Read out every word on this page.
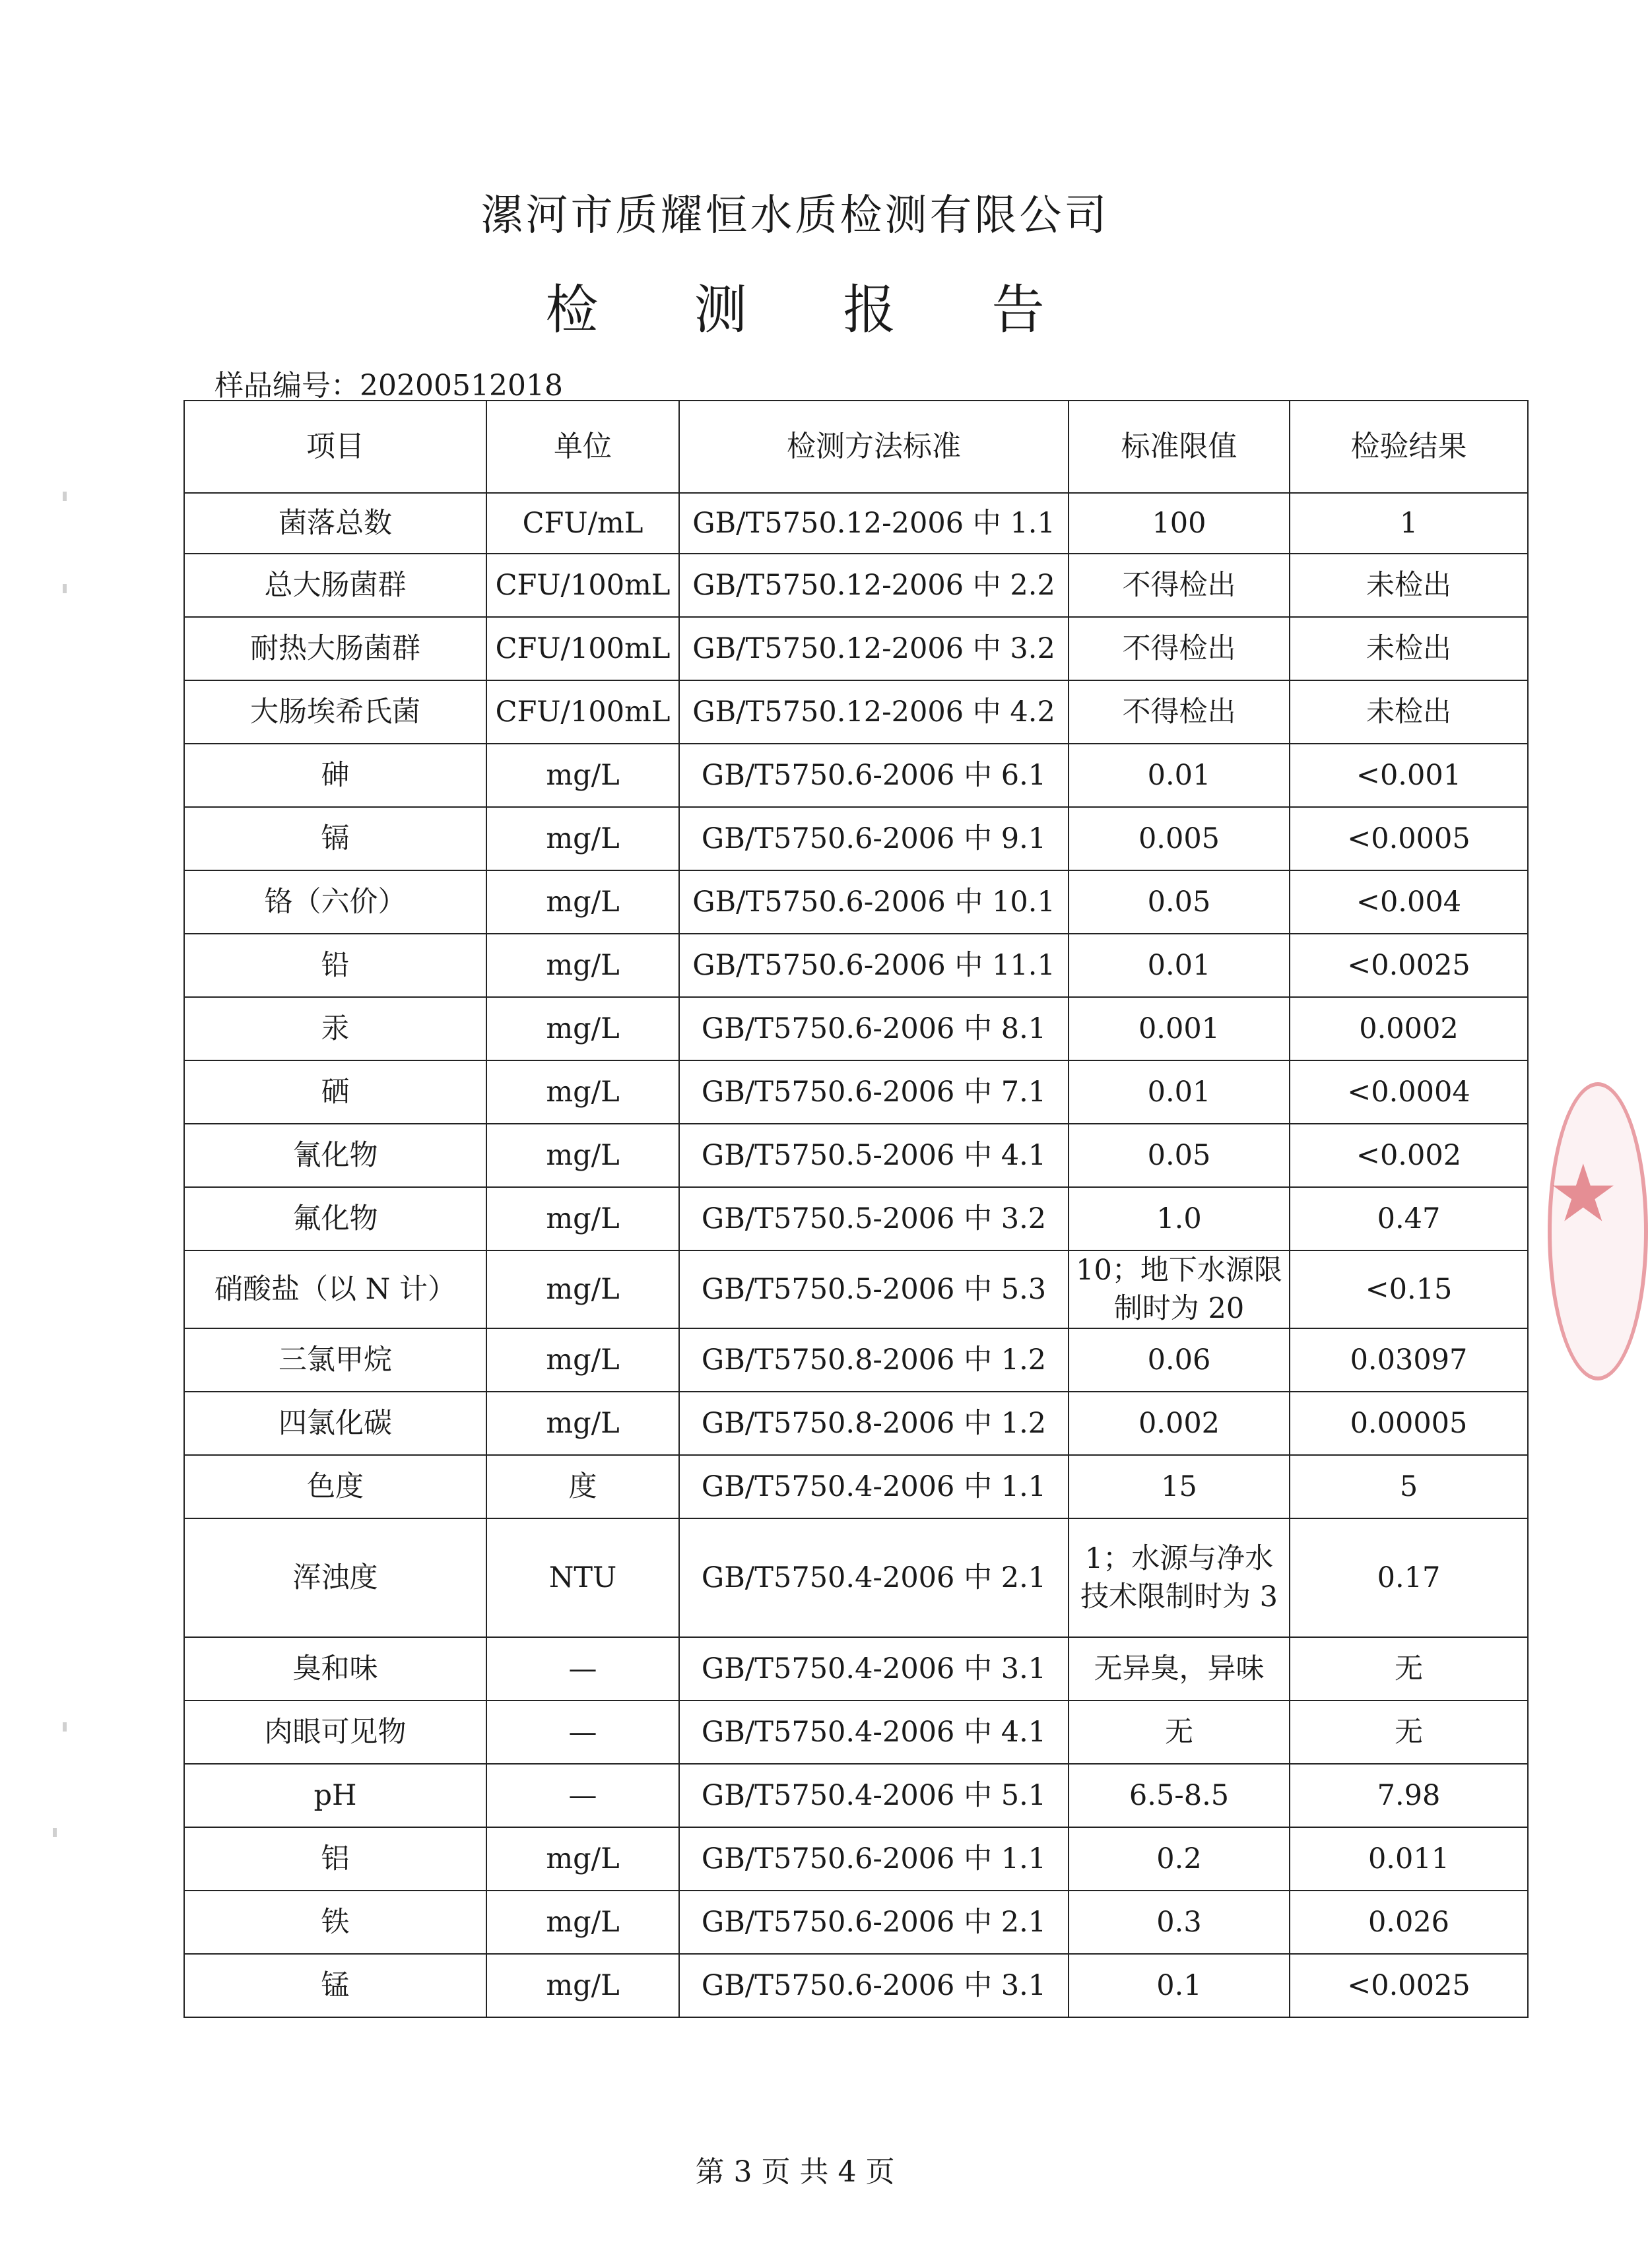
漯河市质耀恒水质检测有限公司
检 测 报 告
样品编号：20200512018
项目	单位	检测方法标准	标准限值	检验结果
菌落总数	CFU/mL	GB/T5750.12-2006 中 1.1	100	1
总大肠菌群	CFU/100mL	GB/T5750.12-2006 中 2.2	不得检出	未检出
耐热大肠菌群	CFU/100mL	GB/T5750.12-2006 中 3.2	不得检出	未检出
大肠埃希氏菌	CFU/100mL	GB/T5750.12-2006 中 4.2	不得检出	未检出
砷	mg/L	GB/T5750.6-2006 中 6.1	0.01	<0.001
镉	mg/L	GB/T5750.6-2006 中 9.1	0.005	<0.0005
铬（六价）	mg/L	GB/T5750.6-2006 中 10.1	0.05	<0.004
铅	mg/L	GB/T5750.6-2006 中 11.1	0.01	<0.0025
汞	mg/L	GB/T5750.6-2006 中 8.1	0.001	0.0002
硒	mg/L	GB/T5750.6-2006 中 7.1	0.01	<0.0004
氰化物	mg/L	GB/T5750.5-2006 中 4.1	0.05	<0.002
氟化物	mg/L	GB/T5750.5-2006 中 3.2	1.0	0.47
硝酸盐（以 N 计）	mg/L	GB/T5750.5-2006 中 5.3	10；地下水源限制时为 20	<0.15
三氯甲烷	mg/L	GB/T5750.8-2006 中 1.2	0.06	0.03097
四氯化碳	mg/L	GB/T5750.8-2006 中 1.2	0.002	0.00005
色度	度	GB/T5750.4-2006 中 1.1	15	5
浑浊度	NTU	GB/T5750.4-2006 中 2.1	1；水源与净水技术限制时为 3	0.17
臭和味	—	GB/T5750.4-2006 中 3.1	无异臭，异味	无
肉眼可见物	—	GB/T5750.4-2006 中 4.1	无	无
pH	—	GB/T5750.4-2006 中 5.1	6.5-8.5	7.98
铝	mg/L	GB/T5750.6-2006 中 1.1	0.2	0.011
铁	mg/L	GB/T5750.6-2006 中 2.1	0.3	0.026
锰	mg/L	GB/T5750.6-2006 中 3.1	0.1	<0.0025
第 3 页 共 4 页
★
